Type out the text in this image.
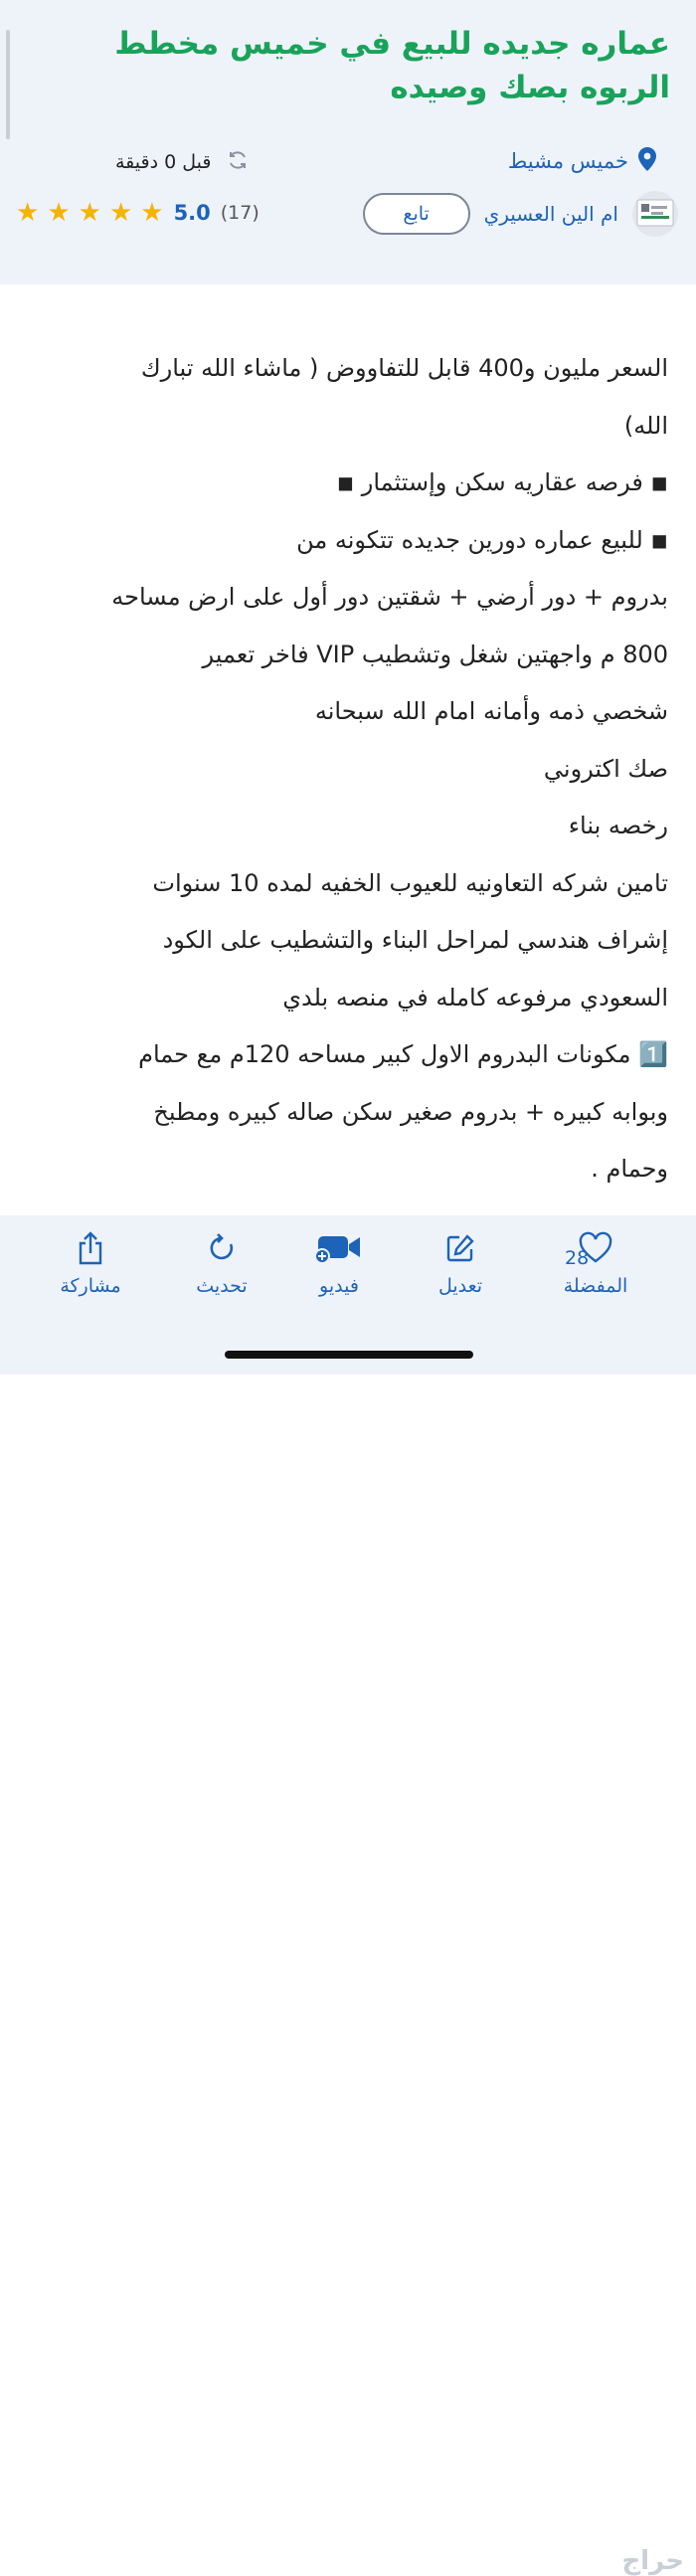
عماره جديده للبيع في خميس مخطط الربوه بصك وصيده
خميس مشيط
قبل 0 دقيقة
ام الين العسيري
تابع
★ ★ ★ ★ ★ 5.0 (17)
السعر مليون و400 قابل للتفاووض ( ماشاء الله تبارك
الله)
◾ فرصه عقاريه سكن وإستثمار ◾
◾ للبيع عماره دورين جديده تتكونه من
بدروم + دور أرضي + شقتين دور أول على ارض مساحه
800 م واجهتين شغل وتشطيب VIP فاخر تعمير
شخصي ذمه وأمانه امام الله سبحانه
صك اكتروني
رخصه بناء
تامين شركه التعاونيه للعيوب الخفيه لمده 10 سنوات
إشراف هندسي لمراحل البناء والتشطيب على الكود
السعودي مرفوعه كامله في منصه بلدي
1️⃣ مكونات البدروم الاول كبير مساحه 120م مع حمام
وبوابه كبيره + بدروم صغير سكن صاله كبيره ومطبخ
وحمام .
28
المفضلة
تعديل
فيديو
تحديث
مشاركة
حراج
